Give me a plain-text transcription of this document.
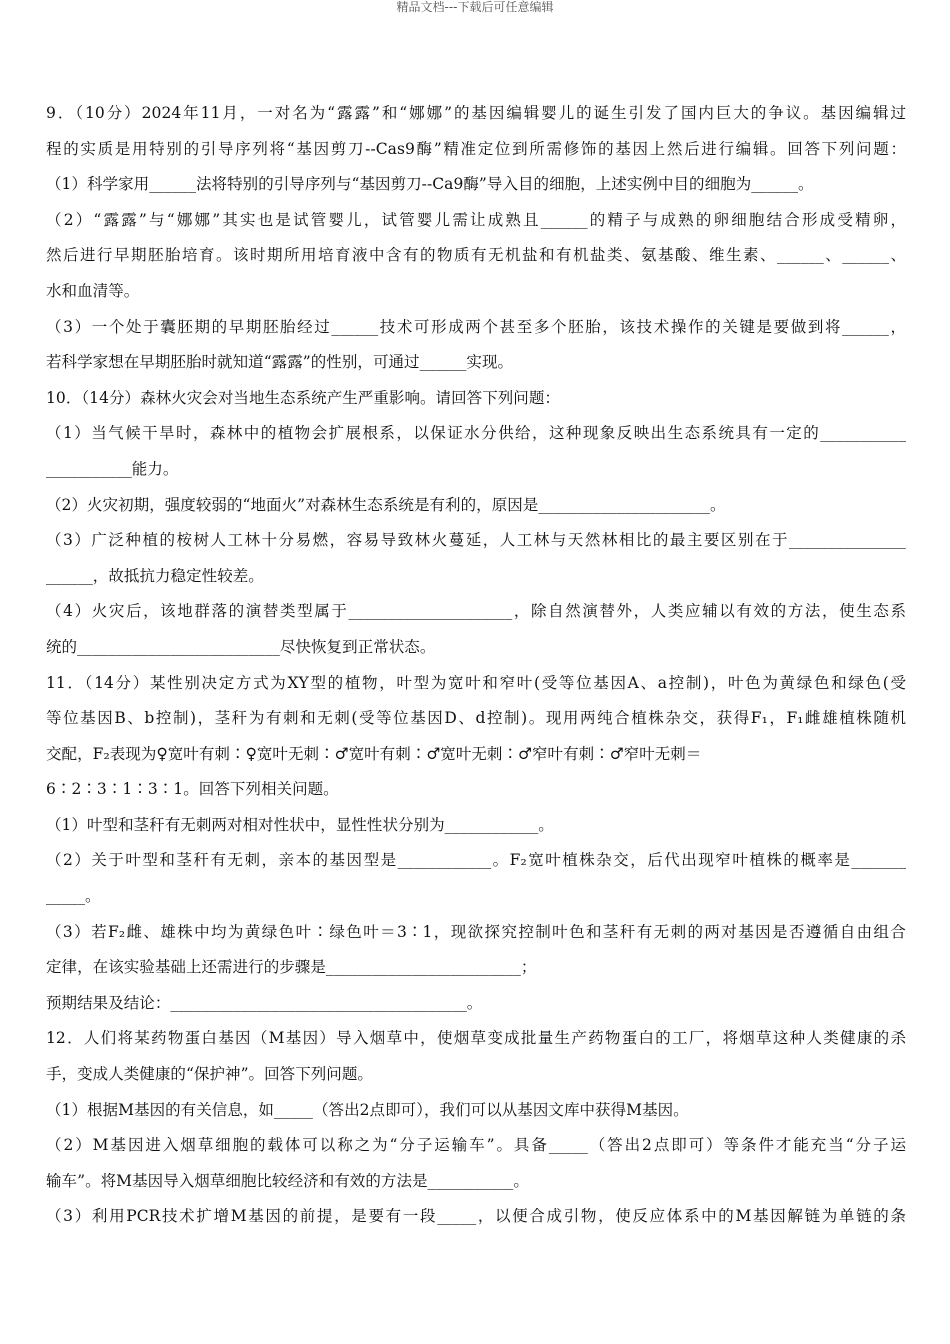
精品文档---下载后可任意编辑
9．（10分）2024年11月，一对名为“露露”和“娜娜”的基因编辑婴儿的诞生引发了国内巨大的争议。基因编辑过
程的实质是用特别的引导序列将“基因剪刀--Cas9酶”精准定位到所需修饰的基因上然后进行编辑。回答下列问题：
（1）科学家用______法将特别的引导序列与“基因剪刀--Ca9酶”导入目的细胞，上述实例中目的细胞为______。
（2）“露露”与“娜娜”其实也是试管婴儿，试管婴儿需让成熟且______的精子与成熟的卵细胞结合形成受精卵，
然后进行早期胚胎培育。该时期所用培育液中含有的物质有无机盐和有机盐类、氨基酸、维生素、______、______、
水和血清等。
（3）一个处于囊胚期的早期胚胎经过______技术可形成两个甚至多个胚胎，该技术操作的关键是要做到将______，
若科学家想在早期胚胎时就知道“露露”的性别，可通过______实现。
10．（14分）森林火灾会对当地生态系统产生严重影响。请回答下列问题：
（1）当气候干旱时，森林中的植物会扩展根系，以保证水分供给，这种现象反映出生态系统具有一定的___________
___________能力。
（2）火灾初期，强度较弱的“地面火”对森林生态系统是有利的，原因是______________________。
（3）广泛种植的桉树人工林十分易燃，容易导致林火蔓延，人工林与天然林相比的最主要区别在于_______________
______，故抵抗力稳定性较差。
（4）火灾后，该地群落的演替类型属于_____________________，除自然演替外，人类应辅以有效的方法，使生态系
统的__________________________尽快恢复到正常状态。
11．（14分）某性别决定方式为XY型的植物，叶型为宽叶和窄叶(受等位基因A、a控制)，叶色为黄绿色和绿色(受
等位基因B、b控制)，茎秆为有刺和无刺(受等位基因D、d控制)。现用两纯合植株杂交，获得F₁，F₁雌雄植株随机
交配，F₂表现为♀宽叶有刺∶♀宽叶无刺∶♂宽叶有刺∶♂宽叶无刺∶♂窄叶有刺∶♂窄叶无刺＝
6∶2∶3∶1∶3∶1。回答下列相关问题。
（1）叶型和茎秆有无刺两对相对性状中，显性性状分别为____________。
（2）关于叶型和茎秆有无刺，亲本的基因型是____________。F₂宽叶植株杂交，后代出现窄叶植株的概率是_______
_____。
（3）若F₂雌、雄株中均为黄绿色叶∶绿色叶＝3∶1，现欲探究控制叶色和茎秆有无刺的两对基因是否遵循自由组合
定律，在该实验基础上还需进行的步骤是_________________________；
预期结果及结论：______________________________________。
12．人们将某药物蛋白基因（M基因）导入烟草中，使烟草变成批量生产药物蛋白的工厂，将烟草这种人类健康的杀
手，变成人类健康的“保护神”。回答下列问题。
（1）根据M基因的有关信息，如_____（答出2点即可），我们可以从基因文库中获得M基因。
（2）M基因进入烟草细胞的载体可以称之为“分子运输车”。具备_____（答出2点即可）等条件才能充当“分子运
输车”。将M基因导入烟草细胞比较经济和有效的方法是___________。
（3）利用PCR技术扩增M基因的前提，是要有一段_____，以便合成引物，使反应体系中的M基因解链为单链的条
